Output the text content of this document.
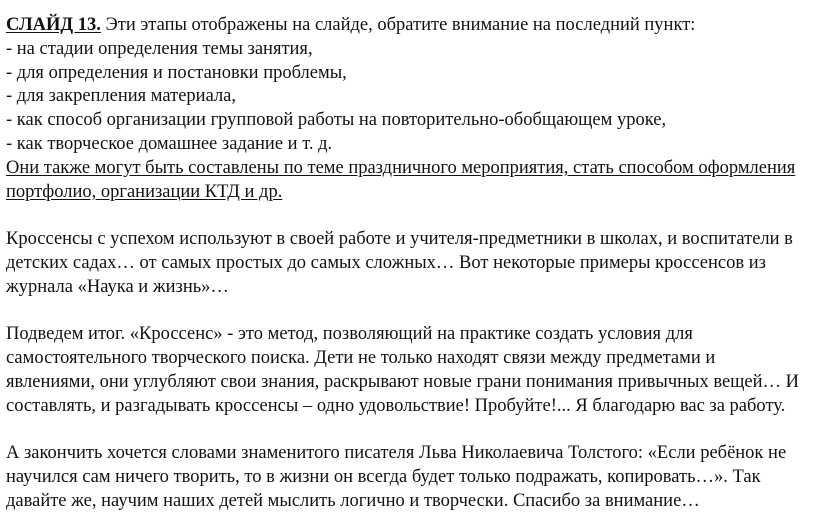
СЛАЙД 13. Эти этапы отображены на слайде, обратите внимание на последний пункт:
- на стадии определения темы занятия,
- для определения и постановки проблемы,
- для закрепления материала,
- как способ организации групповой работы на повторительно-обобщающем уроке,
- как творческое домашнее задание и т. д.
Они также могут быть составлены по теме праздничного мероприятия, стать способом оформления
портфолио, организации КТД и др.
Кроссенсы с успехом используют в своей работе и учителя-предметники в школах, и воспитатели в
детских садах… от самых простых до самых сложных… Вот некоторые примеры кроссенсов из
журнала «Наука и жизнь»…
Подведем итог. «Кроссенс» - это метод, позволяющий на практике создать условия для
самостоятельного творческого поиска. Дети не только находят связи между предметами и
явлениями, они углубляют свои знания, раскрывают новые грани понимания привычных вещей… И
составлять, и разгадывать кроссенсы – одно удовольствие! Пробуйте!... Я благодарю вас за работу.
А закончить хочется словами знаменитого писателя Льва Николаевича Толстого: «Если ребёнок не
научился сам ничего творить, то в жизни он всегда будет только подражать, копировать…». Так
давайте же, научим наших детей мыслить логично и творчески. Спасибо за внимание…
